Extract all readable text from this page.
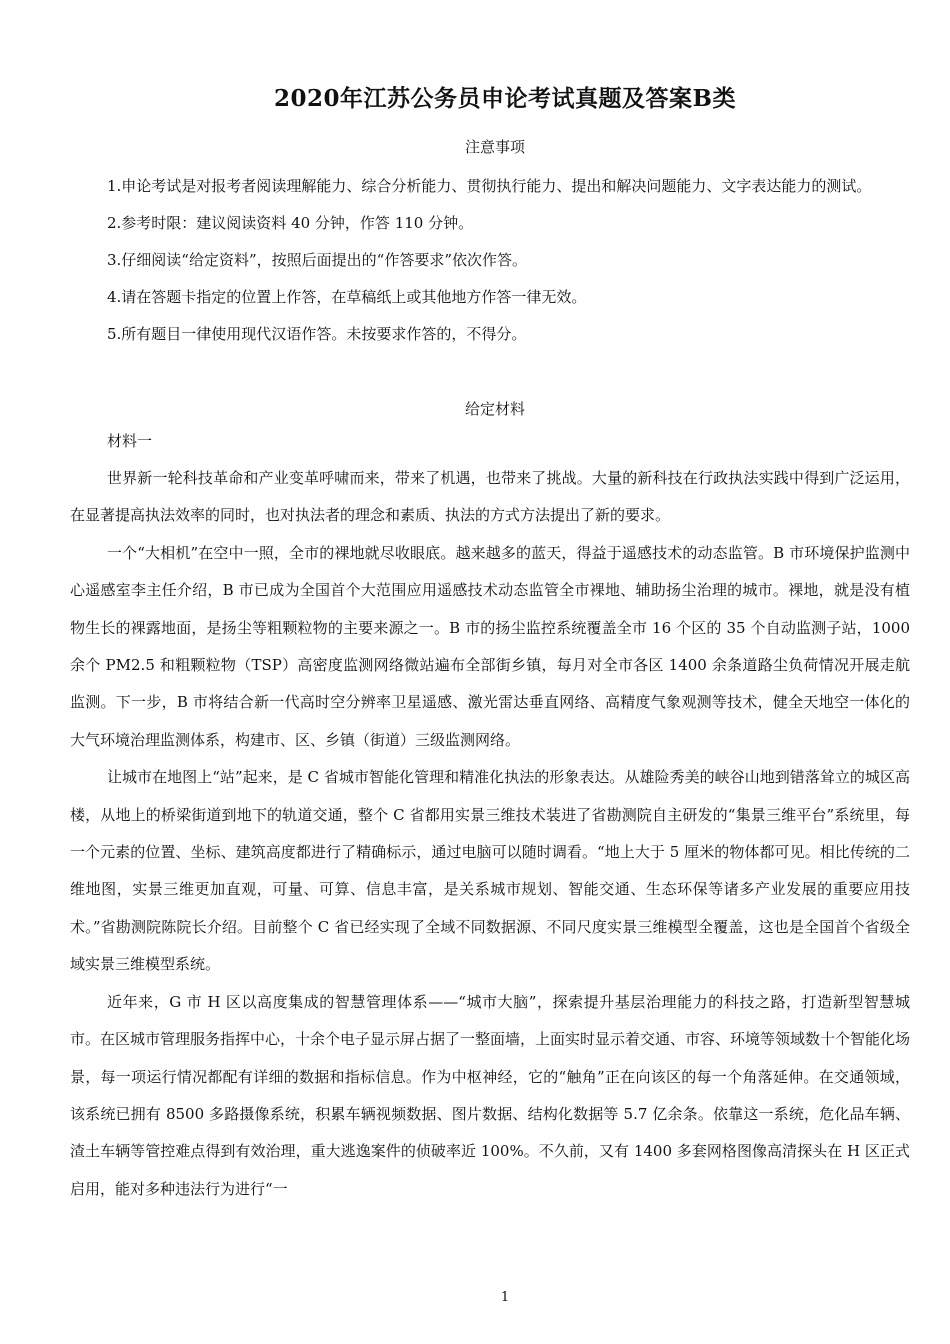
2020年江苏公务员申论考试真题及答案B类
注意事项

1.申论考试是对报考者阅读理解能力、综合分析能力、贯彻执行能力、提出和解决问题能力、文字表达能力的测试。

2.参考时限：建议阅读资料 40 分钟，作答 110 分钟。

3.仔细阅读“给定资料”，按照后面提出的“作答要求”依次作答。

4.请在答题卡指定的位置上作答，在草稿纸上或其他地方作答一律无效。

5.所有题目一律使用现代汉语作答。未按要求作答的，不得分。

给定材料
材料一

世界新一轮科技革命和产业变革呼啸而来，带来了机遇，也带来了挑战。大量的新科技在行政执法实践中得到广泛运用，在显著提高执法效率的同时，也对执法者的理念和素质、执法的方式方法提出了新的要求。

一个“大相机”在空中一照，全市的裸地就尽收眼底。越来越多的蓝天，得益于遥感技术的动态监管。B 市环境保护监测中心遥感室李主任介绍，B 市已成为全国首个大范围应用遥感技术动态监管全市裸地、辅助扬尘治理的城市。裸地，就是没有植物生长的裸露地面，是扬尘等粗颗粒物的主要来源之一。B 市的扬尘监控系统覆盖全市 16 个区的 35 个自动监测子站，1000 余个 PM2.5 和粗颗粒物（TSP）高密度监测网络微站遍布全部街乡镇，每月对全市各区 1400 余条道路尘负荷情况开展走航监测。下一步，B 市将结合新一代高时空分辨率卫星遥感、激光雷达垂直网络、高精度气象观测等技术，健全天地空一体化的大气环境治理监测体系，构建市、区、乡镇（街道）三级监测网络。

让城市在地图上“站”起来，是 C 省城市智能化管理和精准化执法的形象表达。从雄险秀美的峡谷山地到错落耸立的城区高楼，从地上的桥梁街道到地下的轨道交通，整个 C 省都用实景三维技术装进了省勘测院自主研发的“集景三维平台”系统里，每一个元素的位置、坐标、建筑高度都进行了精确标示，通过电脑可以随时调看。“地上大于 5 厘米的物体都可见。相比传统的二维地图，实景三维更加直观，可量、可算、信息丰富，是关系城市规划、智能交通、生态环保等诸多产业发展的重要应用技术。”省勘测院陈院长介绍。目前整个 C 省已经实现了全域不同数据源、不同尺度实景三维模型全覆盖，这也是全国首个省级全域实景三维模型系统。

近年来，G 市 H 区以高度集成的智慧管理体系——“城市大脑”，探索提升基层治理能力的科技之路，打造新型智慧城市。在区城市管理服务指挥中心，十余个电子显示屏占据了一整面墙，上面实时显示着交通、市容、环境等领域数十个智能化场景，每一项运行情况都配有详细的数据和指标信息。作为中枢神经，它的“触角”正在向该区的每一个角落延伸。在交通领域，该系统已拥有 8500 多路摄像系统，积累车辆视频数据、图片数据、结构化数据等 5.7 亿余条。依靠这一系统，危化品车辆、渣土车辆等管控难点得到有效治理，重大逃逸案件的侦破率近 100%。不久前，又有 1400 多套网格图像高清探头在 H 区正式启用，能对多种违法行为进行“一

1
